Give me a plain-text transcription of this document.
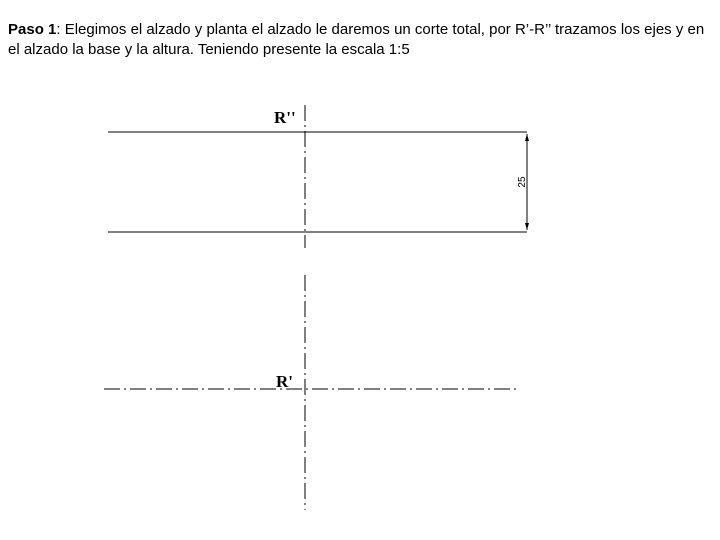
Paso 1: Elegimos el alzado y planta el alzado le daremos un corte total, por R’-R’’ trazamos los ejes y en el alzado la base y la altura. Teniendo presente la escala 1:5
25
R''
R'
